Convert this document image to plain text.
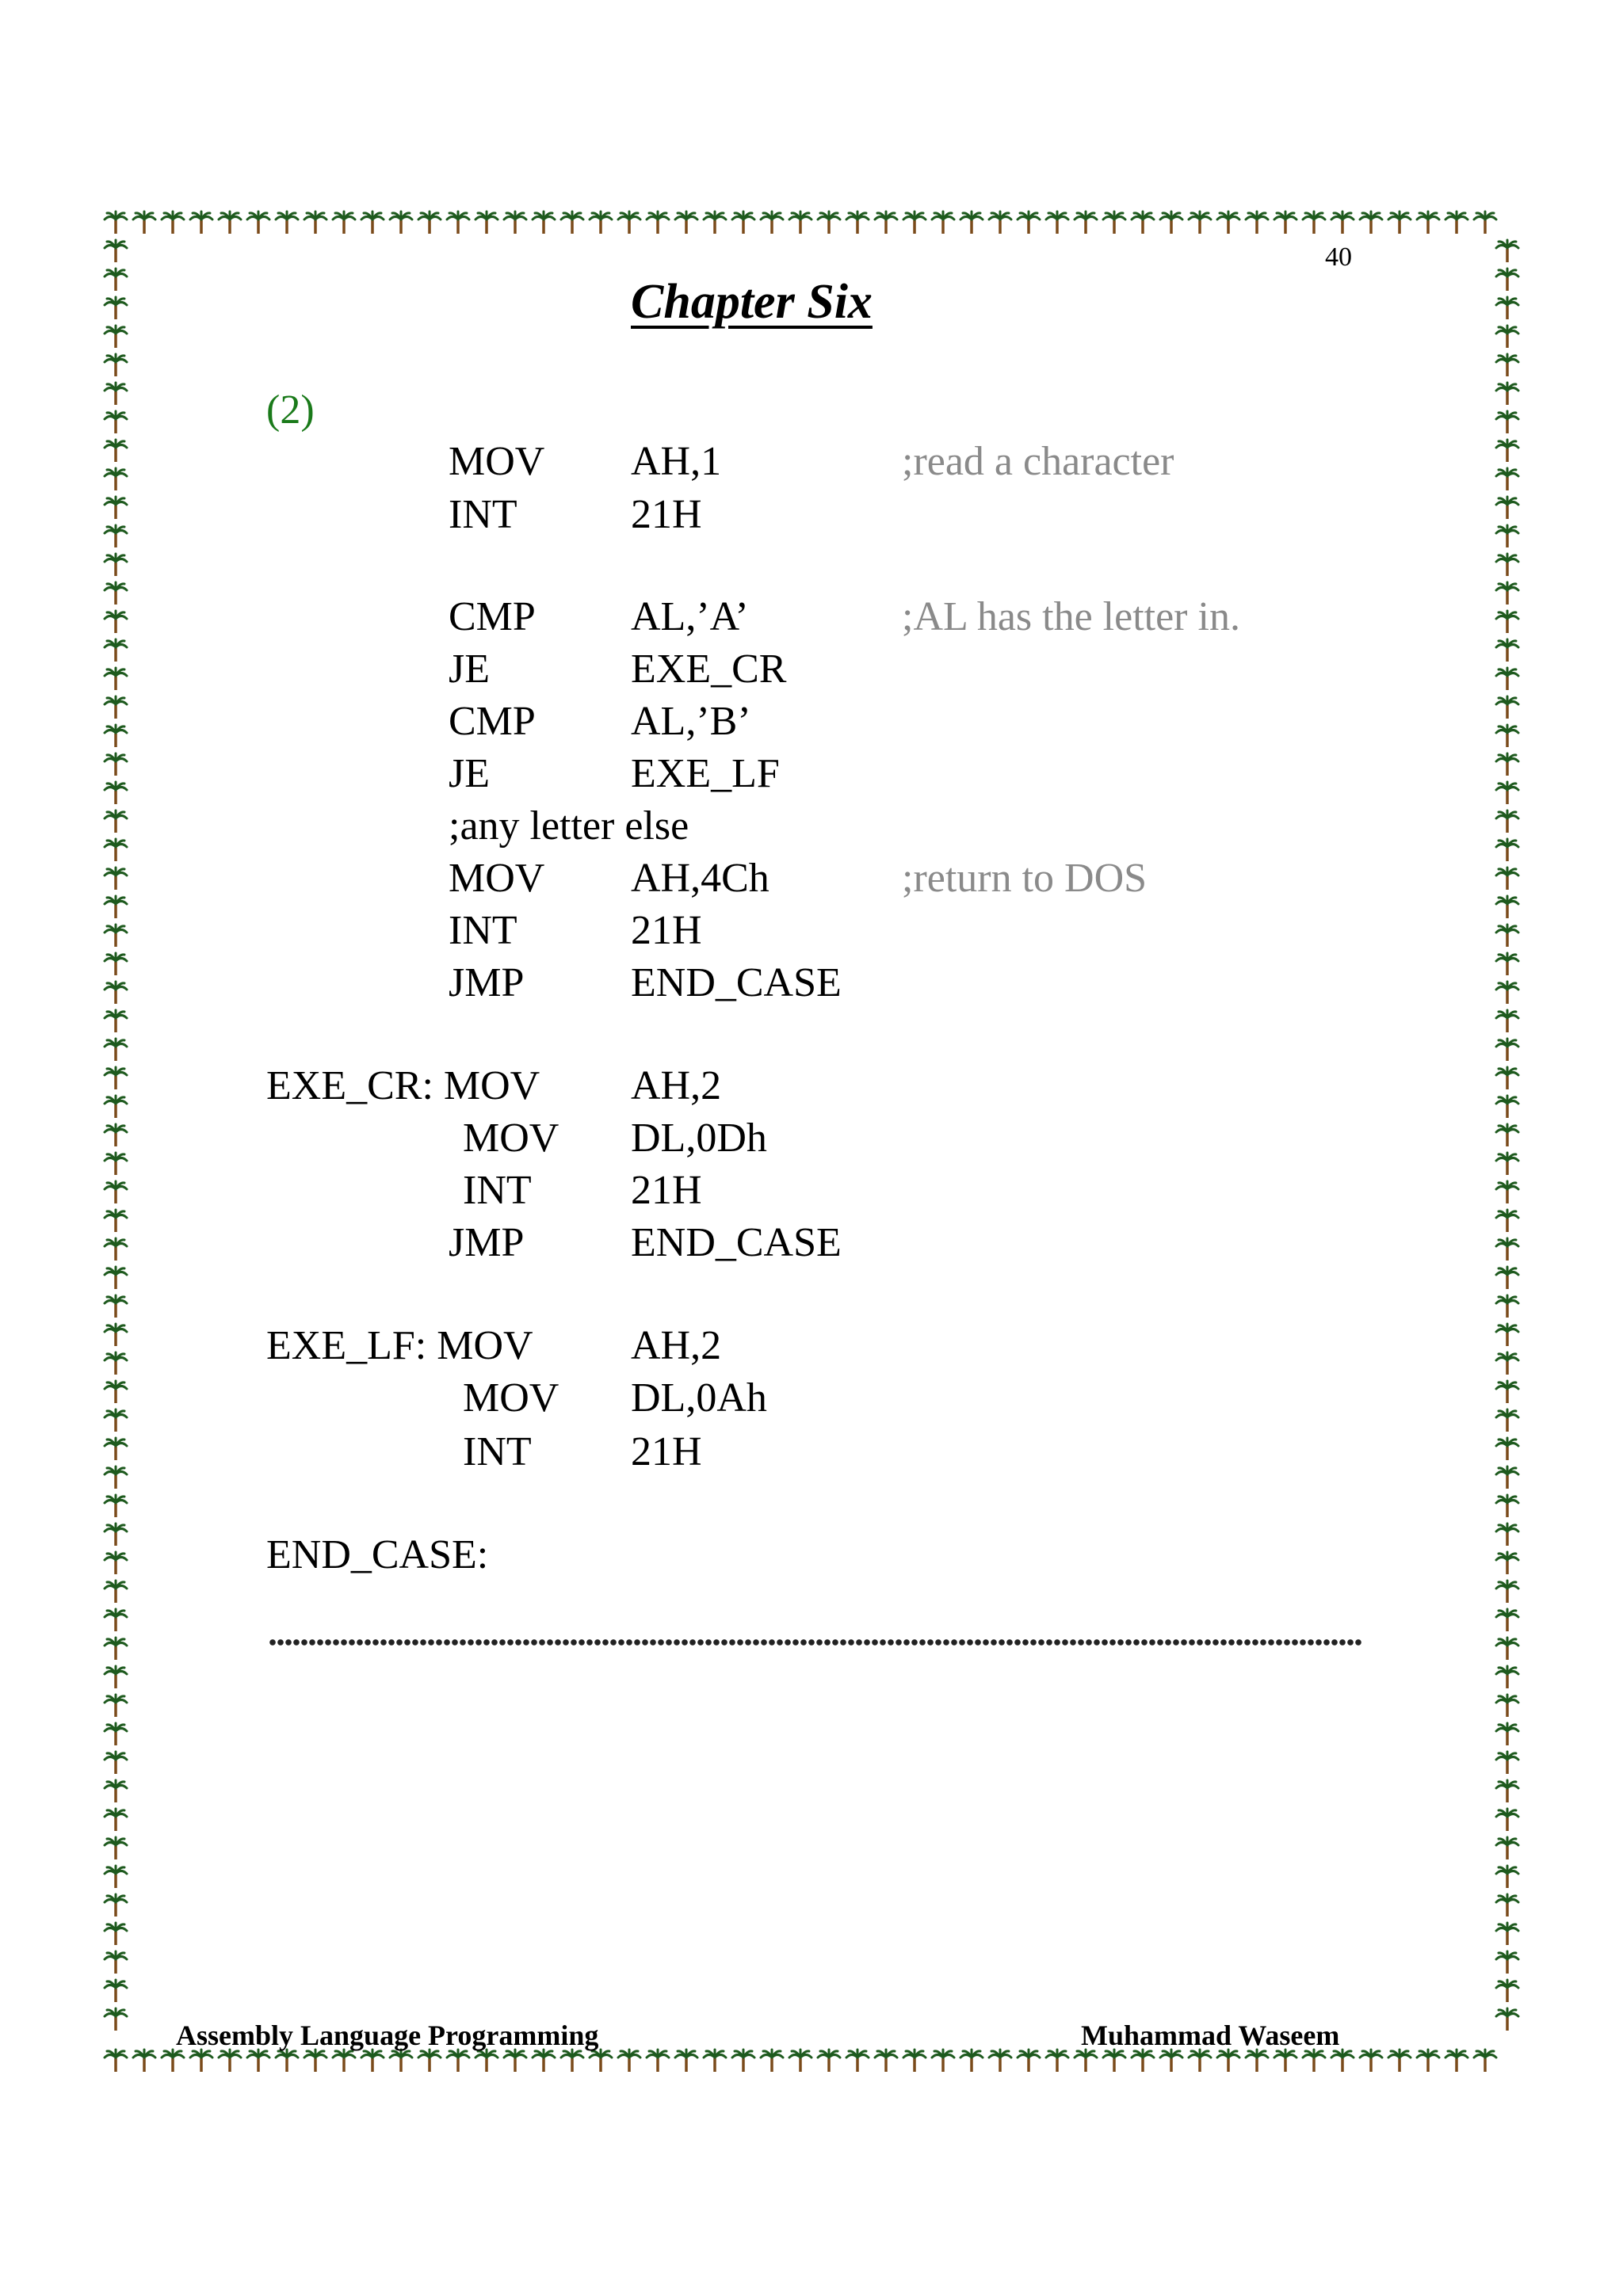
40
Chapter Six
(2)
MOV AH,1	;read a character
INT	21H
CMP AL,’A’	;AL has the letter in.
JE	EXE_CR
CMP AL,’B’
JE	EXE_LF
;any letter else
MOV AH,4Ch	;return to DOS
INT	21H
JMP	END_CASE
EXE_CR: MOV AH,2
MOV DL,0Dh
INT 21H
JMP	END_CASE
EXE_LF: MOV AH,2
MOV DL,0Ah
INT 21H
END_CASE:
Assembly Language Programming	Muhammad Waseem
